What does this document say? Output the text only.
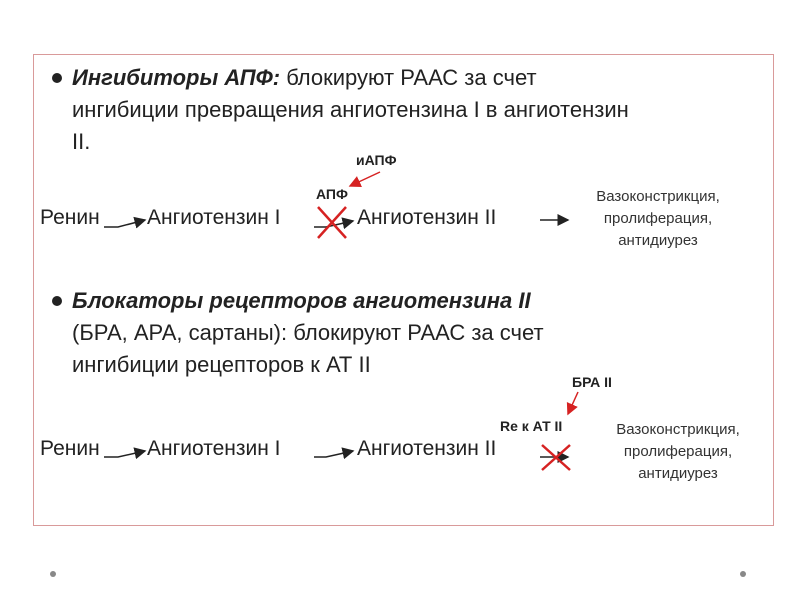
Ингибиторы АПФ: блокируют РААС за счет
ингибиции превращения ангиотензина I в ангиотензин
II.
иАПФ
АПФ
Ренин Ангиотензин I	Ангиотензин II
Вазоконстрикция,
пролиферация,
антидиурез
Блокаторы рецепторов ангиотензина II
(БРА, АРА, сартаны): блокируют РААС за счет
ингибиции рецепторов к АТ II
БРА II
Re к АТ II
Ренин Ангиотензин I	Ангиотензин II
Вазоконстрикция,
пролиферация,
антидиурез
